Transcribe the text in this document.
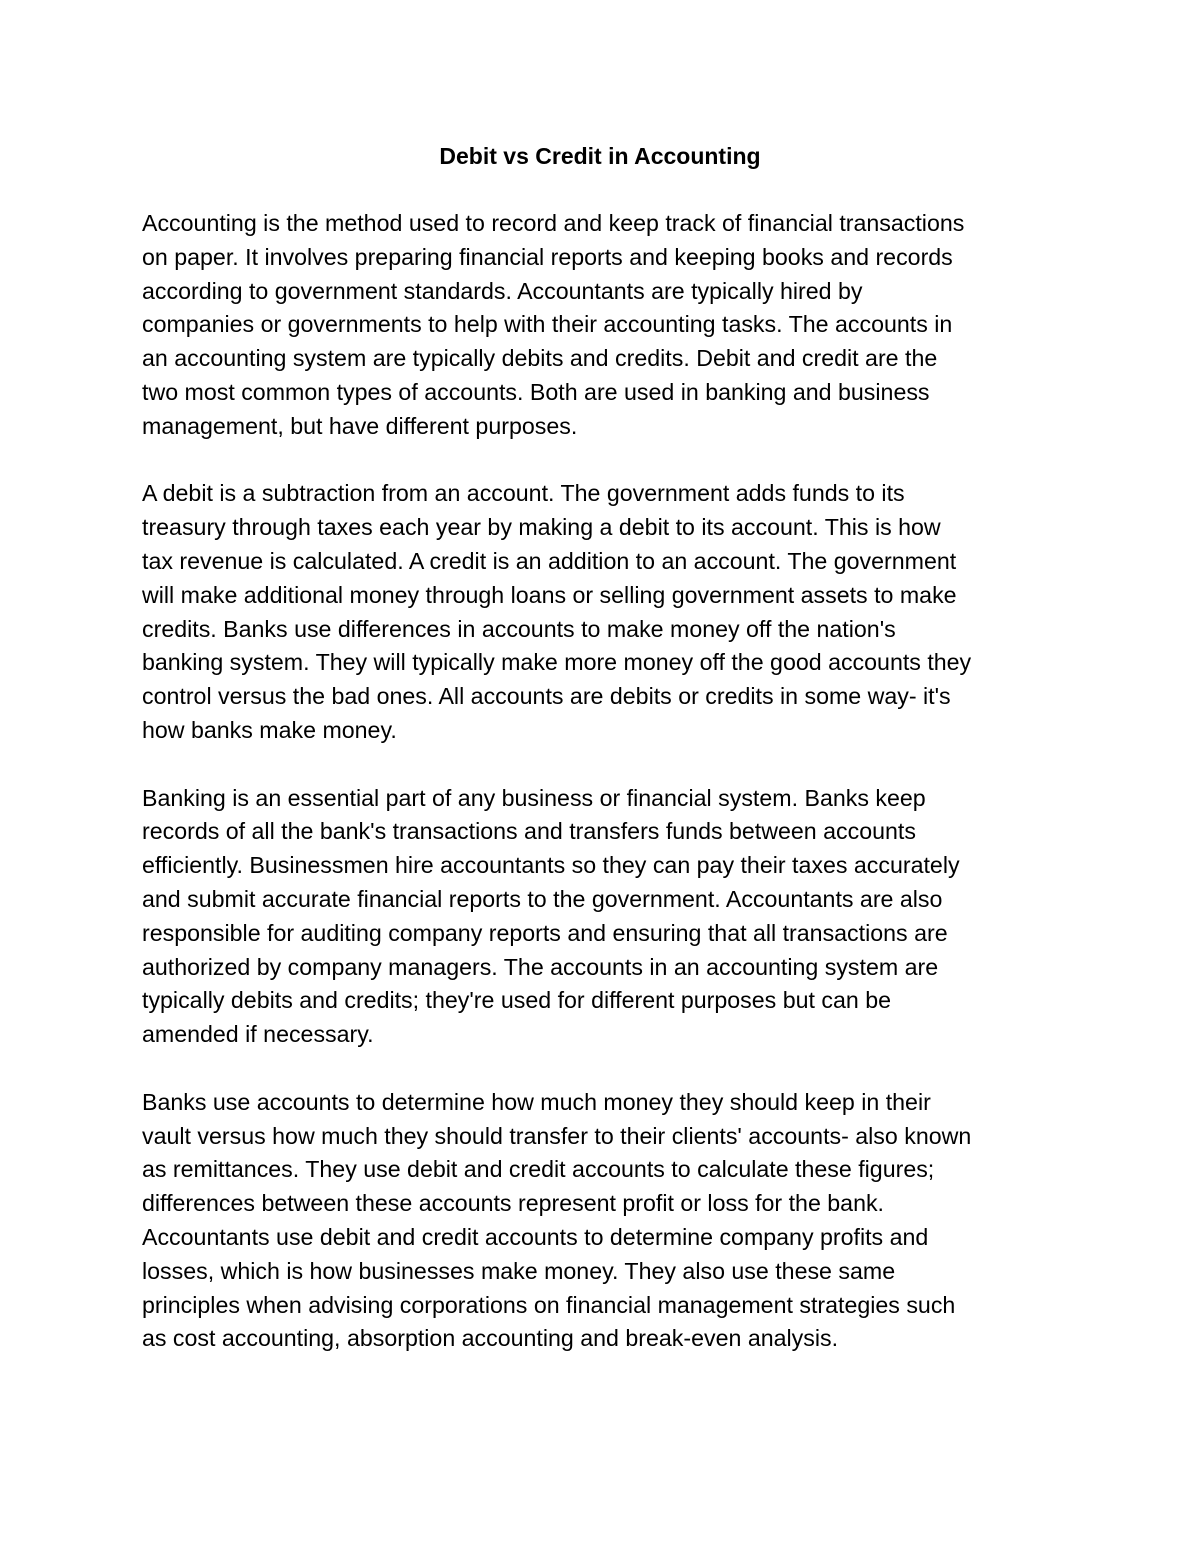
Debit vs Credit in Accounting

Accounting is the method used to record and keep track of financial transactions
on paper. It involves preparing financial reports and keeping books and records
according to government standards. Accountants are typically hired by
companies or governments to help with their accounting tasks. The accounts in
an accounting system are typically debits and credits. Debit and credit are the
two most common types of accounts. Both are used in banking and business
management, but have different purposes.

A debit is a subtraction from an account. The government adds funds to its
treasury through taxes each year by making a debit to its account. This is how
tax revenue is calculated. A credit is an addition to an account. The government
will make additional money through loans or selling government assets to make
credits. Banks use differences in accounts to make money off the nation's
banking system. They will typically make more money off the good accounts they
control versus the bad ones. All accounts are debits or credits in some way- it's
how banks make money.

Banking is an essential part of any business or financial system. Banks keep
records of all the bank's transactions and transfers funds between accounts
efficiently. Businessmen hire accountants so they can pay their taxes accurately
and submit accurate financial reports to the government. Accountants are also
responsible for auditing company reports and ensuring that all transactions are
authorized by company managers. The accounts in an accounting system are
typically debits and credits; they're used for different purposes but can be
amended if necessary.

Banks use accounts to determine how much money they should keep in their
vault versus how much they should transfer to their clients' accounts- also known
as remittances. They use debit and credit accounts to calculate these figures;
differences between these accounts represent profit or loss for the bank.
Accountants use debit and credit accounts to determine company profits and
losses, which is how businesses make money. They also use these same
principles when advising corporations on financial management strategies such
as cost accounting, absorption accounting and break-even analysis.
